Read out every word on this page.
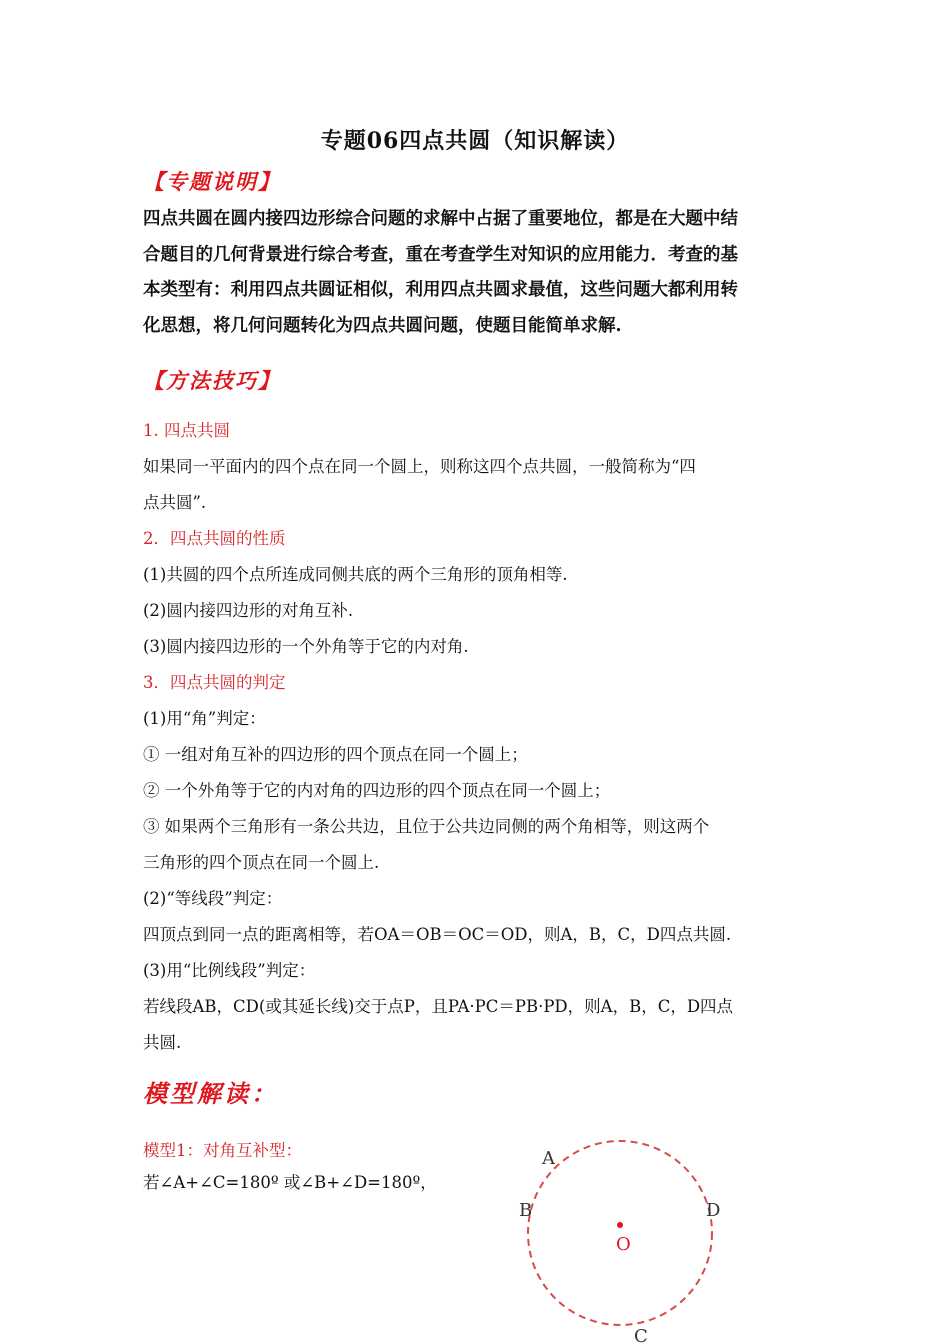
专题06四点共圆（知识解读）
【专题说明】
四点共圆在圆内接四边形综合问题的求解中占据了重要地位，都是在大题中结
合题目的几何背景进行综合考查，重在考查学生对知识的应用能力．考查的基
本类型有：利用四点共圆证相似，利用四点共圆求最值，这些问题大都利用转
化思想，将几何问题转化为四点共圆问题，使题目能简单求解.
【方法技巧】
1. 四点共圆
如果同一平面内的四个点在同一个圆上，则称这四个点共圆，一般简称为“四
点共圆”.
2．四点共圆的性质
(1)共圆的四个点所连成同侧共底的两个三角形的顶角相等.
(2)圆内接四边形的对角互补.
(3)圆内接四边形的一个外角等于它的内对角.
3．四点共圆的判定
(1)用“角”判定：
① 一组对角互补的四边形的四个顶点在同一个圆上；
② 一个外角等于它的内对角的四边形的四个顶点在同一个圆上；
③ 如果两个三角形有一条公共边，且位于公共边同侧的两个角相等，则这两个
三角形的四个顶点在同一个圆上.
(2)“等线段”判定：
四顶点到同一点的距离相等，若OA＝OB＝OC＝OD，则A，B，C，D四点共圆.
(3)用“比例线段”判定：
若线段AB，CD(或其延长线)交于点P，且PA·PC＝PB·PD，则A，B，C，D四点
共圆.
模型解读：
模型1：对角互补型：
若∠A+∠C=180º 或∠B+∠D=180º，
A
B	D
O
C
